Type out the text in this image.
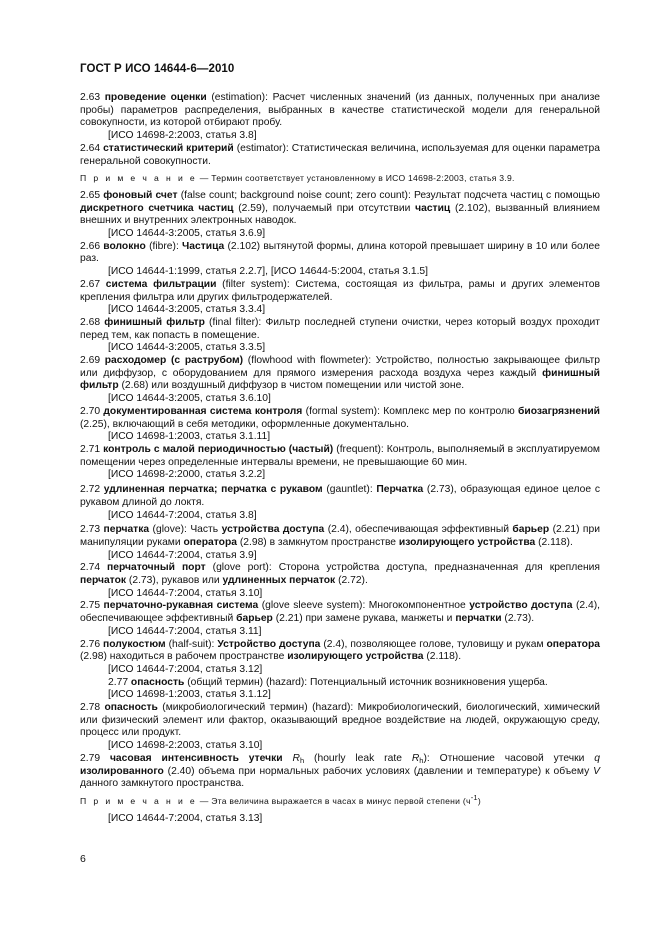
ГОСТ Р ИСО 14644-6—2010

2.63 проведение оценки (estimation): Расчет численных значений (из данных, полученных при анализе пробы) параметров распределения, выбранных в качестве статистической модели для генеральной совокупности, из которой отбирают пробу.

[ИСО 14698-2:2003, статья 3.8]

2.64 статистический критерий (estimator): Статистическая величина, используемая для оценки параметра генеральной совокупности.

П р и м е ч а н и е — Термин соответствует установленному в ИСО 14698-2:2003, статья 3.9.

2.65 фоновый счет (false count; background noise count; zero count): Результат подсчета частиц с помощью дискретного счетчика частиц (2.59), получаемый при отсутствии частиц (2.102), вызванный влиянием внешних и внутренних электронных наводок.

[ИСО 14644-3:2005, статья 3.6.9]

2.66 волокно (fibre): Частица (2.102) вытянутой формы, длина которой превышает ширину в 10 или более раз.

[ИСО 14644-1:1999, статья 2.2.7], [ИСО 14644-5:2004, статья 3.1.5]

2.67 система фильтрации (filter system): Система, состоящая из фильтра, рамы и других элементов крепления фильтра или других фильтродержателей.

[ИСО 14644-3:2005, статья 3.3.4]

2.68 финишный фильтр (final filter): Фильтр последней ступени очистки, через который воздух проходит перед тем, как попасть в помещение.

[ИСО 14644-3:2005, статья 3.3.5]

2.69 расходомер (с раструбом) (flowhood with flowmeter): Устройство, полностью закрывающее фильтр или диффузор, с оборудованием для прямого измерения расхода воздуха через каждый финишный фильтр (2.68) или воздушный диффузор в чистом помещении или чистой зоне.

[ИСО 14644-3:2005, статья 3.6.10]

2.70 документированная система контроля (formal system): Комплекс мер по контролю биозагрязнений (2.25), включающий в себя методики, оформленные документально.

[ИСО 14698-1:2003, статья 3.1.11]

2.71 контроль с малой периодичностью (частый) (frequent): Контроль, выполняемый в эксплуатируемом помещении через определенные интервалы времени, не превышающие 60 мин.

[ИСО 14698-2:2000, статья 3.2.2]

2.72 удлиненная перчатка; перчатка с рукавом (gauntlet): Перчатка (2.73), образующая единое целое с рукавом длиной до локтя.

[ИСО 14644-7:2004, статья 3.8]

2.73 перчатка (glove): Часть устройства доступа (2.4), обеспечивающая эффективный барьер (2.21) при манипуляции руками оператора (2.98) в замкнутом пространстве изолирующего устройства (2.118).

[ИСО 14644-7:2004, статья 3.9]

2.74 перчаточный порт (glove port): Сторона устройства доступа, предназначенная для крепления перчаток (2.73), рукавов или удлиненных перчаток (2.72).

[ИСО 14644-7:2004, статья 3.10]

2.75 перчаточно-рукавная система (glove sleeve system): Многокомпонентное устройство доступа (2.4), обеспечивающее эффективный барьер (2.21) при замене рукава, манжеты и перчатки (2.73).

[ИСО 14644-7:2004, статья 3.11]

2.76 полукостюм (half-suit): Устройство доступа (2.4), позволяющее голове, туловищу и рукам оператора (2.98) находиться в рабочем пространстве изолирующего устройства (2.118).

[ИСО 14644-7:2004, статья 3.12]

2.77 опасность (общий термин) (hazard): Потенциальный источник возникновения ущерба.

[ИСО 14698-1:2003, статья 3.1.12]

2.78 опасность (микробиологический термин) (hazard): Микробиологический, биологический, химический или физический элемент или фактор, оказывающий вредное воздействие на людей, окружающую среду, процесс или продукт.

[ИСО 14698-2:2003, статья 3.10]

2.79 часовая интенсивность утечки $R_h$ (hourly leak rate $R_h$): Отношение часовой утечки q изолированного (2.40) объема при нормальных рабочих условиях (давлении и температуре) к объему V данного замкнутого пространства.

П р и м е ч а н и е — Эта величина выражается в часах в минус первой степени $(ч^{-1})$

[ИСО 14644-7:2004, статья 3.13]

6
